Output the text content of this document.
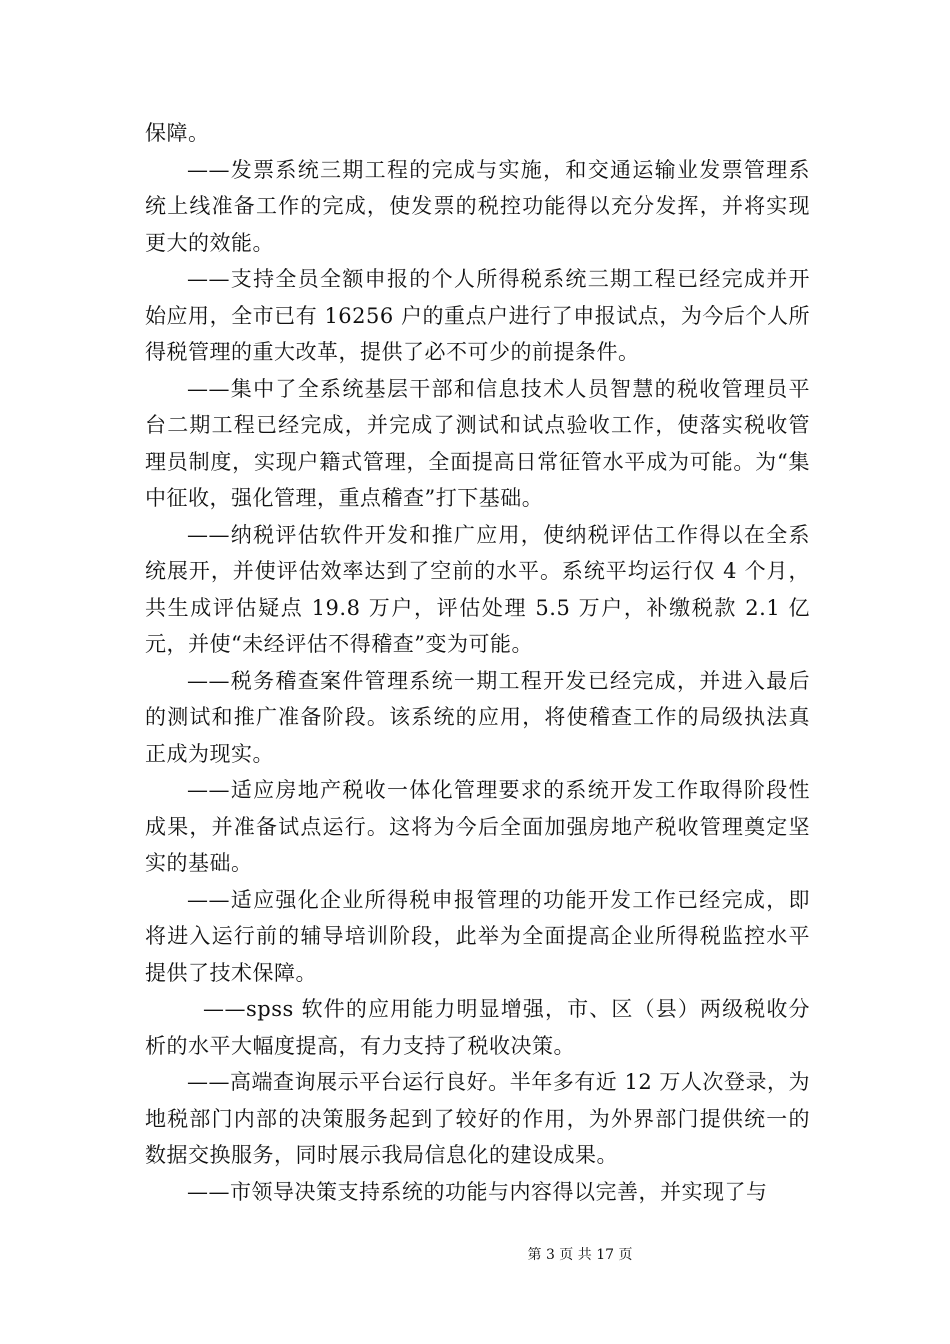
保障。

——发票系统三期工程的完成与实施，和交通运输业发票管理系统上线准备工作的完成，使发票的税控功能得以充分发挥，并将实现更大的效能。

——支持全员全额申报的个人所得税系统三期工程已经完成并开始应用，全市已有 16256 户的重点户进行了申报试点，为今后个人所得税管理的重大改革，提供了必不可少的前提条件。

——集中了全系统基层干部和信息技术人员智慧的税收管理员平台二期工程已经完成，并完成了测试和试点验收工作，使落实税收管理员制度，实现户籍式管理，全面提高日常征管水平成为可能。为“集中征收，强化管理，重点稽查”打下基础。

——纳税评估软件开发和推广应用，使纳税评估工作得以在全系统展开，并使评估效率达到了空前的水平。系统平均运行仅 4 个月，共生成评估疑点 19.8 万户，评估处理 5.5 万户，补缴税款 2.1 亿元，并使“未经评估不得稽查”变为可能。

——税务稽查案件管理系统一期工程开发已经完成，并进入最后的测试和推广准备阶段。该系统的应用，将使稽查工作的局级执法真正成为现实。

——适应房地产税收一体化管理要求的系统开发工作取得阶段性成果，并准备试点运行。这将为今后全面加强房地产税收管理奠定坚实的基础。

——适应强化企业所得税申报管理的功能开发工作已经完成，即将进入运行前的辅导培训阶段，此举为全面提高企业所得税监控水平提供了技术保障。

——spss 软件的应用能力明显增强，市、区（县）两级税收分析的水平大幅度提高，有力支持了税收决策。

——高端查询展示平台运行良好。半年多有近 12 万人次登录，为地税部门内部的决策服务起到了较好的作用，为外界部门提供统一的数据交换服务，同时展示我局信息化的建设成果。

——市领导决策支持系统的功能与内容得以完善，并实现了与

第 3 页 共 17 页
